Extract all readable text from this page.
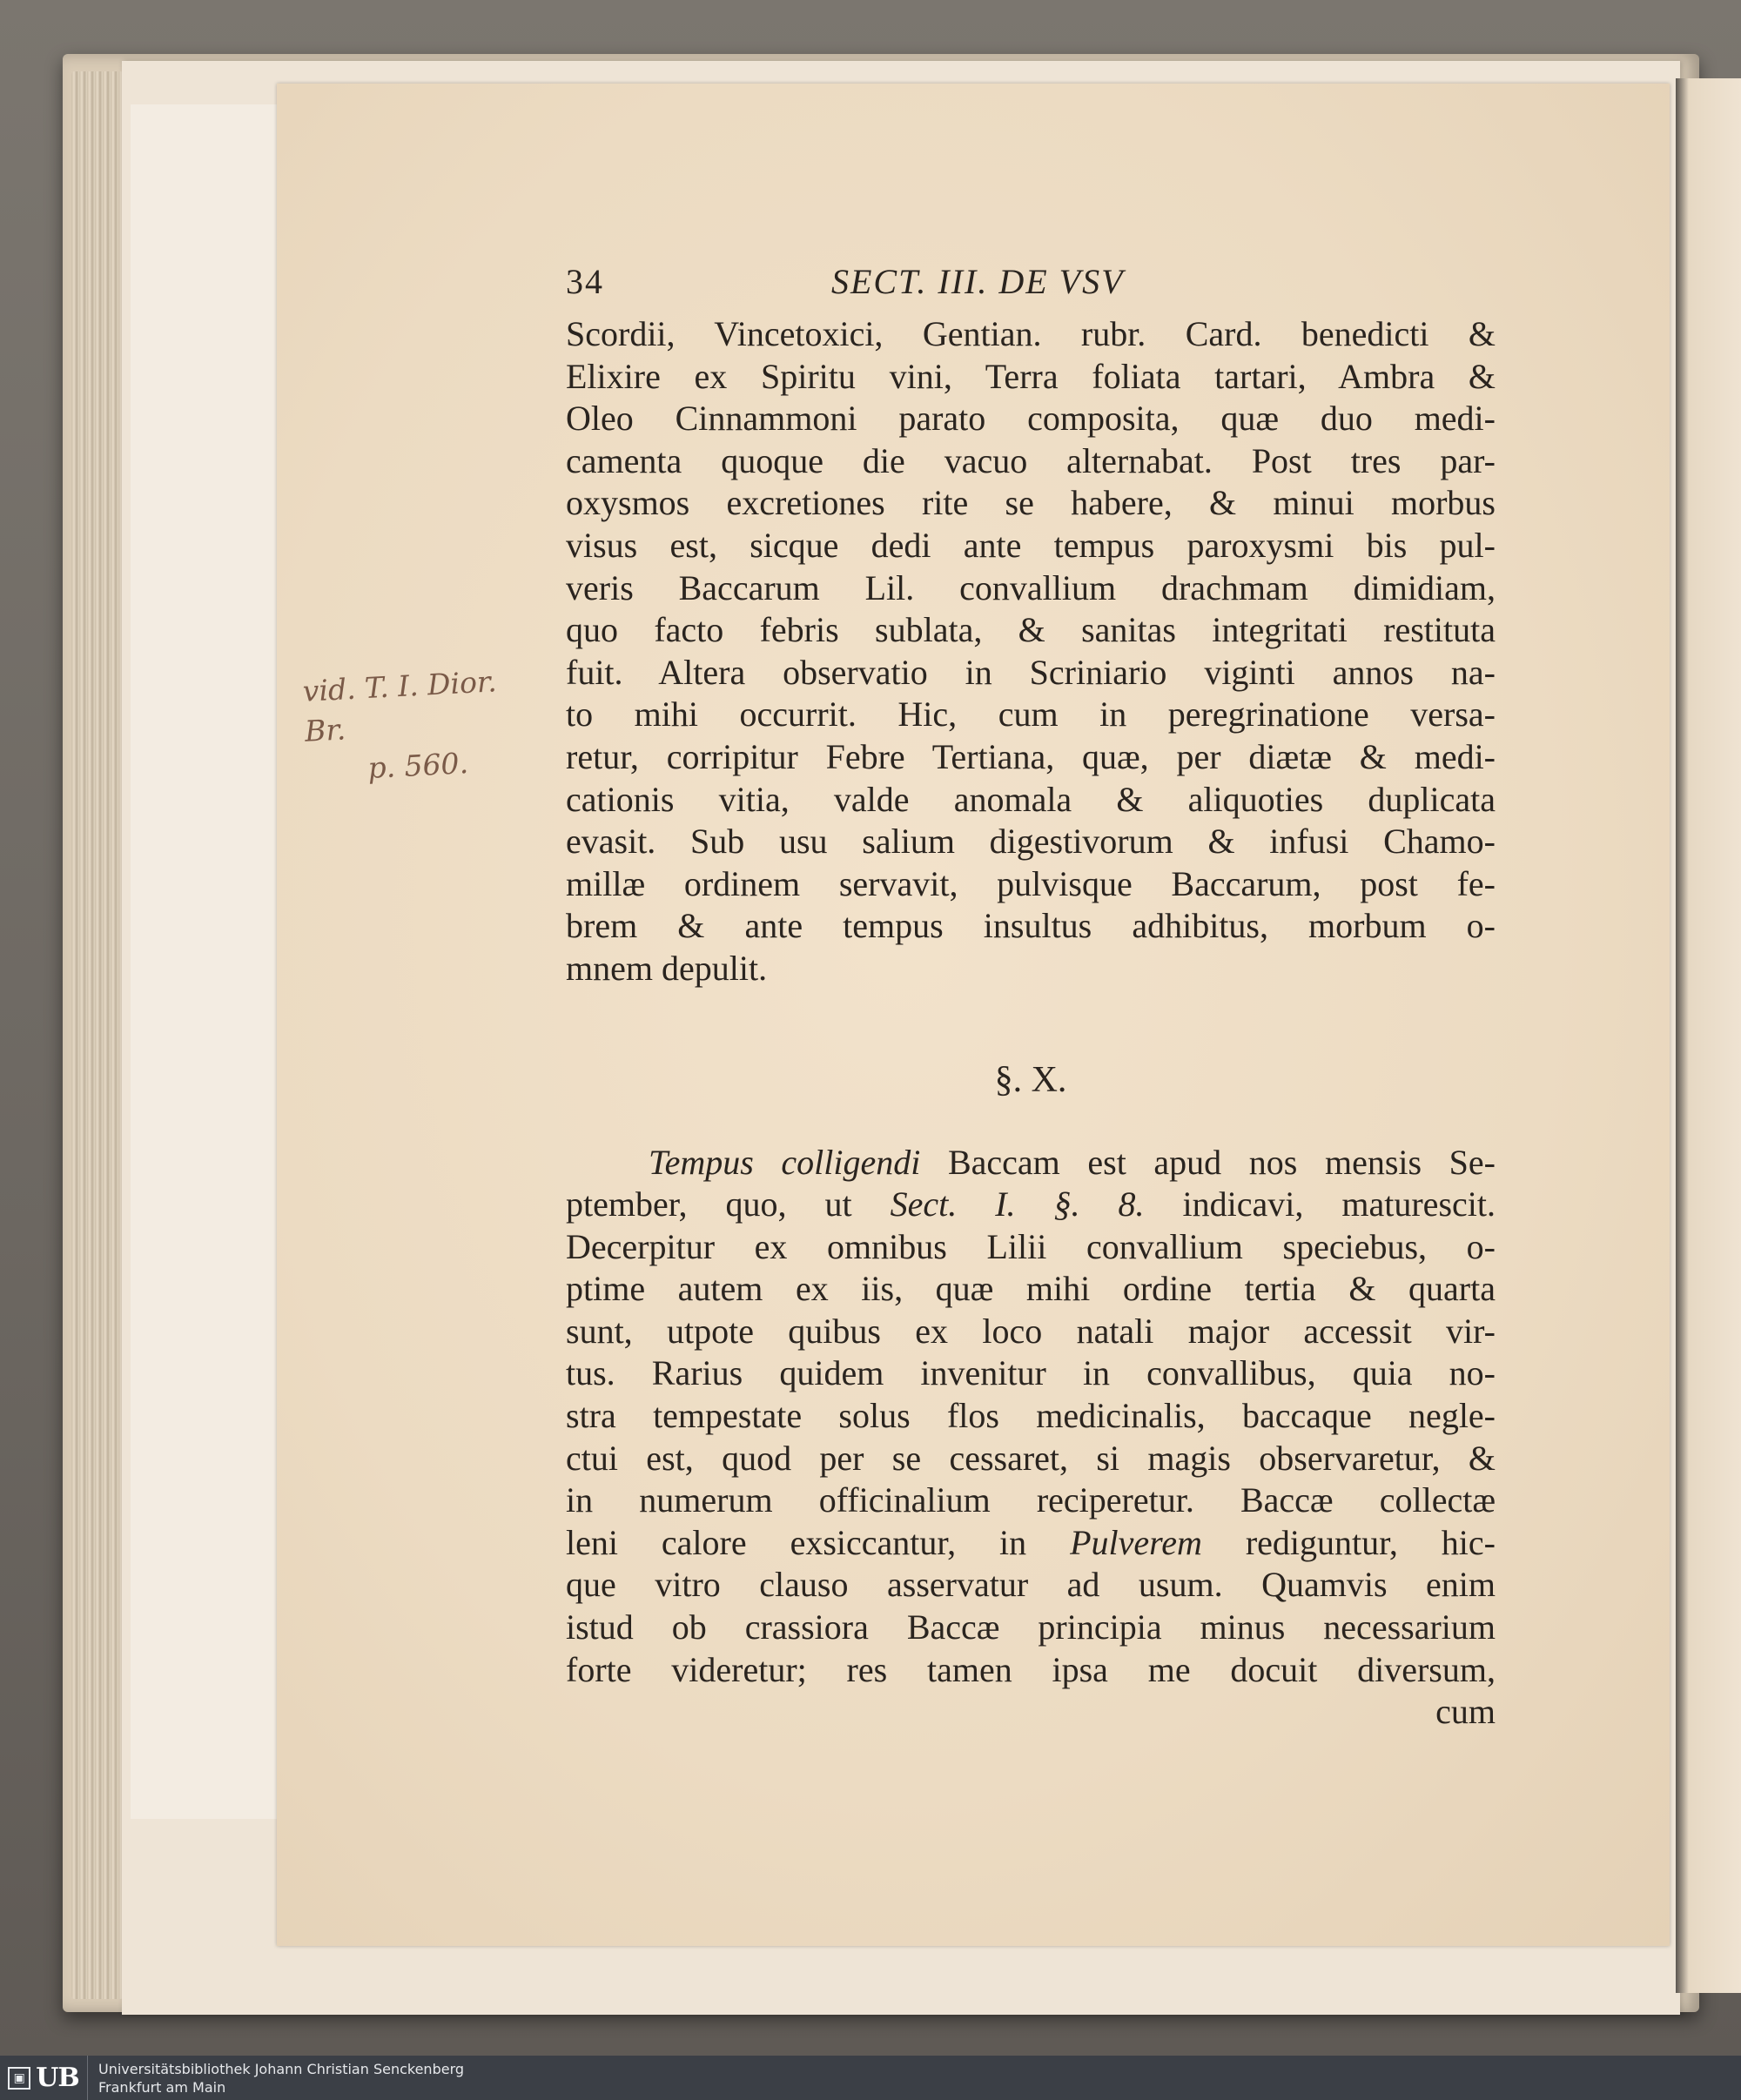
vid. T. I. Dior. Br.
p. 560.
34	SECT. III. DE VSV
Scordii, Vincetoxici, Gentian. rubr. Card. benedicti &
Elixire ex Spiritu vini, Terra foliata tartari, Ambra &
Oleo Cinnammoni parato composita, quæ duo medi-
camenta quoque die vacuo alternabat. Post tres par-
oxysmos excretiones rite se habere, & minui morbus
visus est, sicque dedi ante tempus paroxysmi bis pul-
veris Baccarum Lil. convallium drachmam dimidiam,
quo facto febris sublata, & sanitas integritati restituta
fuit. Altera observatio in Scriniario viginti annos na-
to mihi occurrit. Hic, cum in peregrinatione versa-
retur, corripitur Febre Tertiana, quæ, per diætæ & medi-
cationis vitia, valde anomala & aliquoties duplicata
evasit. Sub usu salium digestivorum & infusi Chamo-
millæ ordinem servavit, pulvisque Baccarum, post fe-
brem & ante tempus insultus adhibitus, morbum o-
mnem depulit.
§. X.
Tempus colligendi Baccam est apud nos mensis Se-
ptember, quo, ut Sect. I. §. 8. indicavi, maturescit.
Decerpitur ex omnibus Lilii convallium speciebus, o-
ptime autem ex iis, quæ mihi ordine tertia & quarta
sunt, utpote quibus ex loco natali major accessit vir-
tus. Rarius quidem invenitur in convallibus, quia no-
stra tempestate solus flos medicinalis, baccaque negle-
ctui est, quod per se cessaret, si magis observaretur, &
in numerum officinalium reciperetur. Baccæ collectæ
leni calore exsiccantur, in Pulverem rediguntur, hic-
que vitro clauso asservatur ad usum. Quamvis enim
istud ob crassiora Baccæ principia minus necessarium
forte videretur; res tamen ipsa me docuit diversum,
cum
▣ UB Universitätsbibliothek Johann Christian Senckenberg
Frankfurt am Main
